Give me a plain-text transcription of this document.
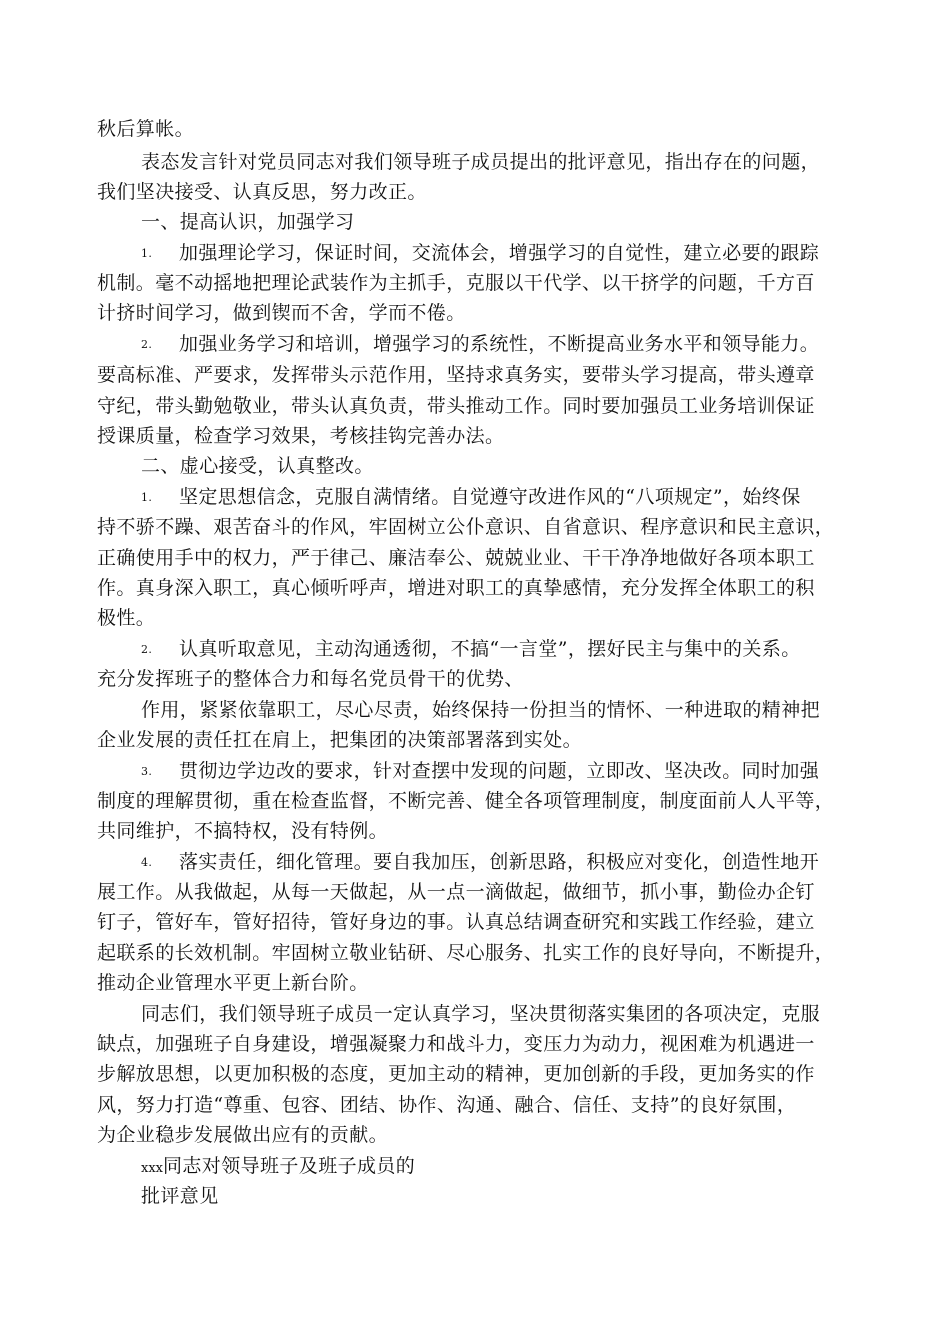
秋后算帐。
表态发言针对党员同志对我们领导班子成员提出的批评意见，指出存在的问题，
我们坚决接受、认真反思，努力改正。
一、提高认识，加强学习
1. 加强理论学习，保证时间，交流体会，增强学习的自觉性，建立必要的跟踪
机制。毫不动摇地把理论武装作为主抓手，克服以干代学、以干挤学的问题，千方百
计挤时间学习，做到锲而不舍，学而不倦。
2. 加强业务学习和培训，增强学习的系统性，不断提高业务水平和领导能力。
要高标准、严要求，发挥带头示范作用，坚持求真务实，要带头学习提高，带头遵章
守纪，带头勤勉敬业，带头认真负责，带头推动工作。同时要加强员工业务培训保证
授课质量，检查学习效果，考核挂钩完善办法。
二、虚心接受，认真整改。
1. 坚定思想信念，克服自满情绪。自觉遵守改进作风的“八项规定”，始终保
持不骄不躁、艰苦奋斗的作风，牢固树立公仆意识、自省意识、程序意识和民主意识，
正确使用手中的权力，严于律己、廉洁奉公、兢兢业业、干干净净地做好各项本职工
作。真身深入职工，真心倾听呼声，增进对职工的真挚感情，充分发挥全体职工的积
极性。
2. 认真听取意见，主动沟通透彻，不搞“一言堂”，摆好民主与集中的关系。
充分发挥班子的整体合力和每名党员骨干的优势、
作用，紧紧依靠职工，尽心尽责，始终保持一份担当的情怀、一种进取的精神把
企业发展的责任扛在肩上，把集团的决策部署落到实处。
3. 贯彻边学边改的要求，针对查摆中发现的问题，立即改、坚决改。同时加强
制度的理解贯彻，重在检查监督，不断完善、健全各项管理制度，制度面前人人平等，
共同维护，不搞特权，没有特例。
4. 落实责任，细化管理。要自我加压，创新思路，积极应对变化，创造性地开
展工作。从我做起，从每一天做起，从一点一滴做起，做细节，抓小事，勤俭办企钉
钉子，管好车，管好招待，管好身边的事。认真总结调查研究和实践工作经验，建立
起联系的长效机制。牢固树立敬业钻研、尽心服务、扎实工作的良好导向，不断提升，
推动企业管理水平更上新台阶。
同志们，我们领导班子成员一定认真学习，坚决贯彻落实集团的各项决定，克服
缺点，加强班子自身建设，增强凝聚力和战斗力，变压力为动力，视困难为机遇进一
步解放思想，以更加积极的态度，更加主动的精神，更加创新的手段，更加务实的作
风，努力打造“尊重、包容、团结、协作、沟通、融合、信任、支持”的良好氛围，
为企业稳步发展做出应有的贡献。
xxx同志对领导班子及班子成员的
批评意见
